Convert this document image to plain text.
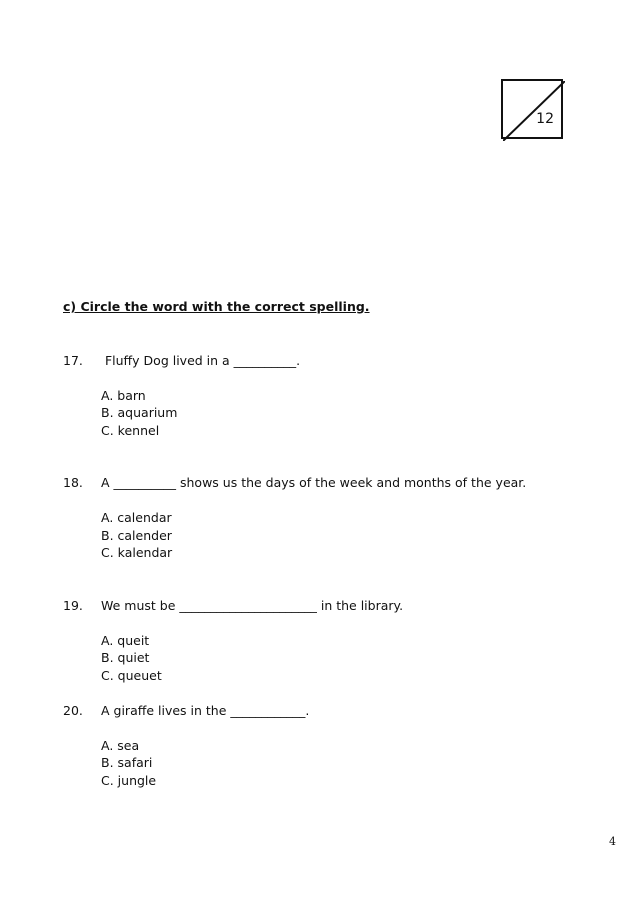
12
c) Circle the word with the correct spelling.
17. Fluffy Dog lived in a __________.
A. barn
B. aquarium
C. kennel
18. A __________ shows us the days of the week and months of the year.
A. calendar
B. calender
C. kalendar
19. We must be ______________________ in the library.
A. queit
B. quiet
C. queuet
20. A giraffe lives in the ____________.
A. sea
B. safari
C. jungle
4
